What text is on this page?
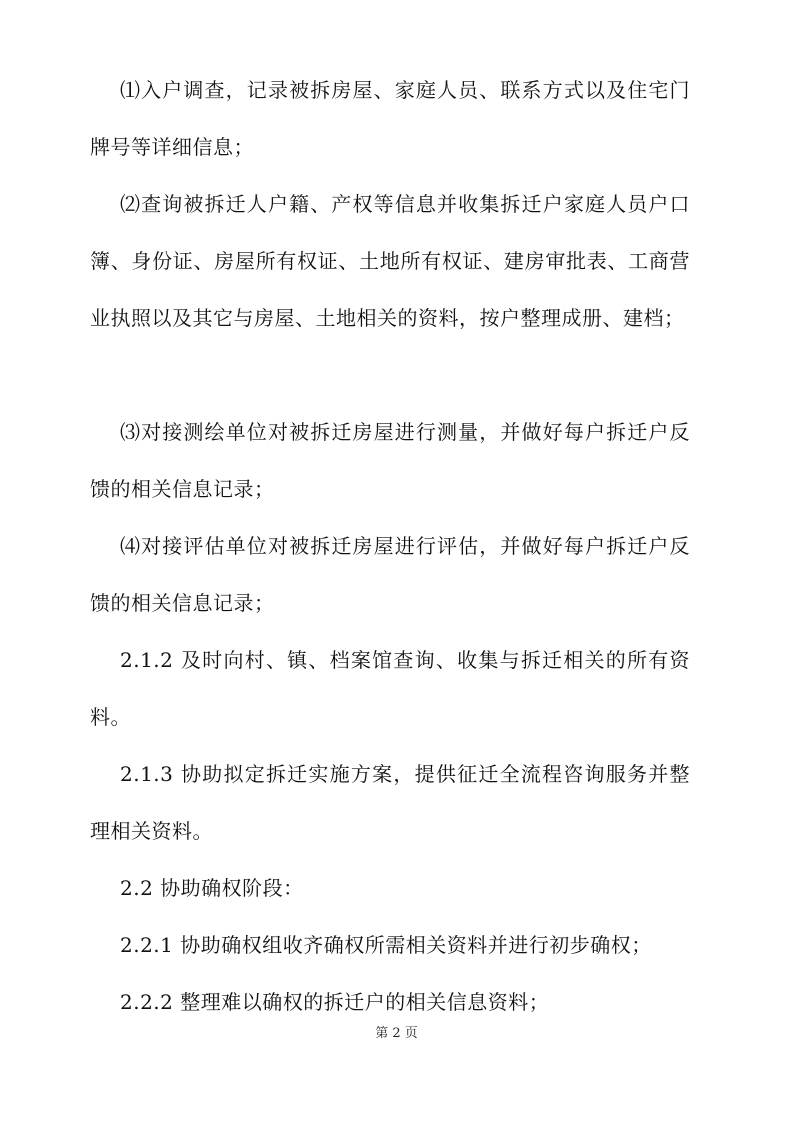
⑴入户调查，记录被拆房屋、家庭人员、联系方式以及住宅门牌号等详细信息；

⑵查询被拆迁人户籍、产权等信息并收集拆迁户家庭人员户口簿、身份证、房屋所有权证、土地所有权证、建房审批表、工商营业执照以及其它与房屋、土地相关的资料，按户整理成册、建档；

⑶对接测绘单位对被拆迁房屋进行测量，并做好每户拆迁户反馈的相关信息记录；

⑷对接评估单位对被拆迁房屋进行评估，并做好每户拆迁户反馈的相关信息记录；

2.1.2 及时向村、镇、档案馆查询、收集与拆迁相关的所有资料。

2.1.3 协助拟定拆迁实施方案，提供征迁全流程咨询服务并整理相关资料。

2.2 协助确权阶段：

2.2.1 协助确权组收齐确权所需相关资料并进行初步确权；

2.2.2 整理难以确权的拆迁户的相关信息资料；

第 2 页
